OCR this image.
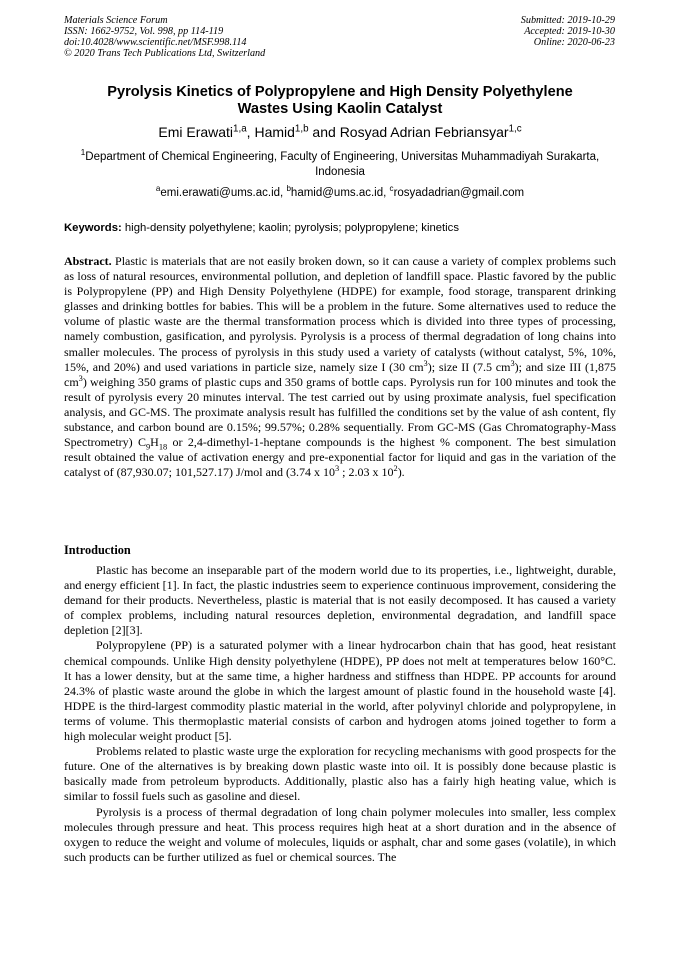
Materials Science Forum
ISSN: 1662-9752, Vol. 998, pp 114-119
doi:10.4028/www.scientific.net/MSF.998.114
© 2020 Trans Tech Publications Ltd, Switzerland
Submitted: 2019-10-29
Accepted: 2019-10-30
Online: 2020-06-23
Pyrolysis Kinetics of Polypropylene and High Density Polyethylene
Wastes Using Kaolin Catalyst
Emi Erawati$^{1,a}$, Hamid$^{1,b}$ and Rosyad Adrian Febriansyar$^{1,c}$
$^1$Department of Chemical Engineering, Faculty of Engineering, Universitas Muhammadiyah Surakarta, Indonesia
$^a$emi.erawati@ums.ac.id, $^b$hamid@ums.ac.id, $^c$rosyadadrian@gmail.com
Keywords: high-density polyethylene; kaolin; pyrolysis; polypropylene; kinetics

Abstract. Plastic is materials that are not easily broken down, so it can cause a variety of complex problems such as loss of natural resources, environmental pollution, and depletion of landfill space. Plastic favored by the public is Polypropylene (PP) and High Density Polyethylene (HDPE) for example, food storage, transparent drinking glasses and drinking bottles for babies. This will be a problem in the future. Some alternatives used to reduce the volume of plastic waste are the thermal transformation process which is divided into three types of processing, namely combustion, gasification, and pyrolysis. Pyrolysis is a process of thermal degradation of long chains into smaller molecules. The process of pyrolysis in this study used a variety of catalysts (without catalyst, 5%, 10%, 15%, and 20%) and used variations in particle size, namely size I (30 $cm^3$); size II (7.5 $cm^3$); and size III (1,875 $cm^3$) weighing 350 grams of plastic cups and 350 grams of bottle caps. Pyrolysis run for 100 minutes and took the result of pyrolysis every 20 minutes interval. The test carried out by using proximate analysis, fuel specification analysis, and GC-MS. The proximate analysis result has fulfilled the conditions set by the value of ash content, fly substance, and carbon bound are 0.15%; 99.57%; 0.28% sequentially. From GC-MS (Gas Chromatography-Mass Spectrometry) $C_9H_{18}$ or 2,4-dimethyl-1-heptane compounds is the highest % component. The best simulation result obtained the value of activation energy and pre-exponential factor for liquid and gas in the variation of the catalyst of (87,930.07; 101,527.17) J/mol and (3.74 x $10^3$ ; 2.03 x $10^2$).

Introduction

Plastic has become an inseparable part of the modern world due to its properties, i.e., lightweight, durable, and energy efficient [1]. In fact, the plastic industries seem to experience continuous improvement, considering the demand for their products. Nevertheless, plastic is material that is not easily decomposed. It has caused a variety of complex problems, including natural resources depletion, environmental degradation, and landfill space depletion [2][3].

Polypropylene (PP) is a saturated polymer with a linear hydrocarbon chain that has good, heat resistant chemical compounds. Unlike High density polyethylene (HDPE), PP does not melt at temperatures below 160°C. It has a lower density, but at the same time, a higher hardness and stiffness than HDPE. PP accounts for around 24.3% of plastic waste around the globe in which the largest amount of plastic found in the household waste [4]. HDPE is the third-largest commodity plastic material in the world, after polyvinyl chloride and polypropylene, in terms of volume. This thermoplastic material consists of carbon and hydrogen atoms joined together to form a high molecular weight product [5].

Problems related to plastic waste urge the exploration for recycling mechanisms with good prospects for the future. One of the alternatives is by breaking down plastic waste into oil. It is possibly done because plastic is basically made from petroleum byproducts. Additionally, plastic also has a fairly high heating value, which is similar to fossil fuels such as gasoline and diesel.

Pyrolysis is a process of thermal degradation of long chain polymer molecules into smaller, less complex molecules through pressure and heat. This process requires high heat at a short duration and in the absence of oxygen to reduce the weight and volume of molecules, liquids or asphalt, char and some gases (volatile), in which such products can be further utilized as fuel or chemical sources. The
